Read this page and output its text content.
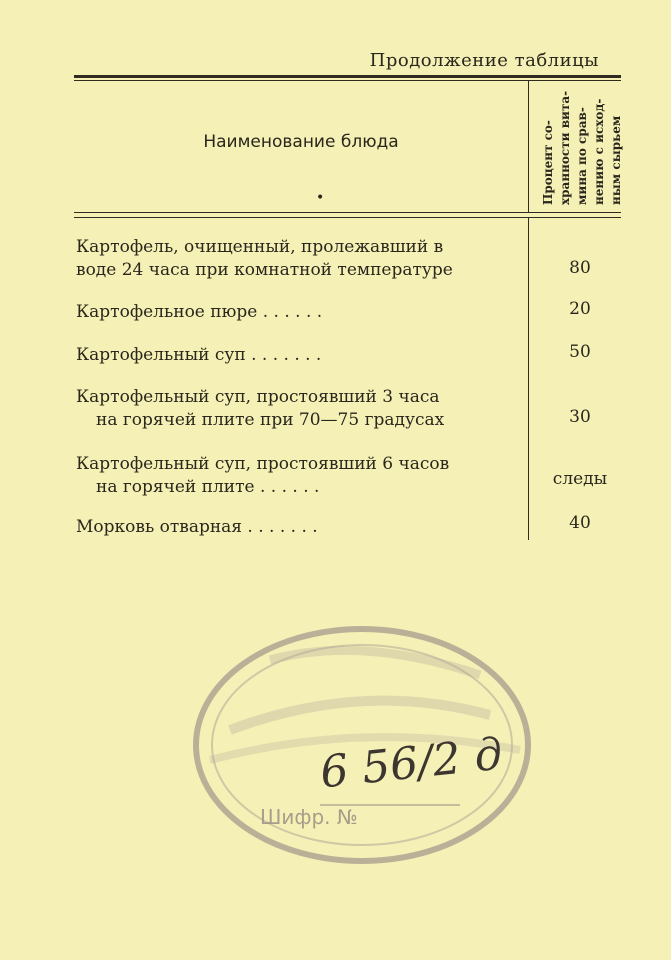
Продолжение таблицы
Наименование блюда
•	Процент со- хранности вита- мина по срав- нению с исход- ным сырьем
Картофель, очищенный, пролежавший в
воде 24 часа при комнатной температуре	80
Картофельное пюре . . . . . .	20
Картофельный суп . . . . . . .	50
Картофельный суп, простоявший 3 часа
на горячей плите при 70—75 градусах	30
Картофельный суп, простоявший 6 часов
на горячей плите . . . . . .	следы
Морковь отварная . . . . . . .	40
6 56/2 д
Шифр. №
